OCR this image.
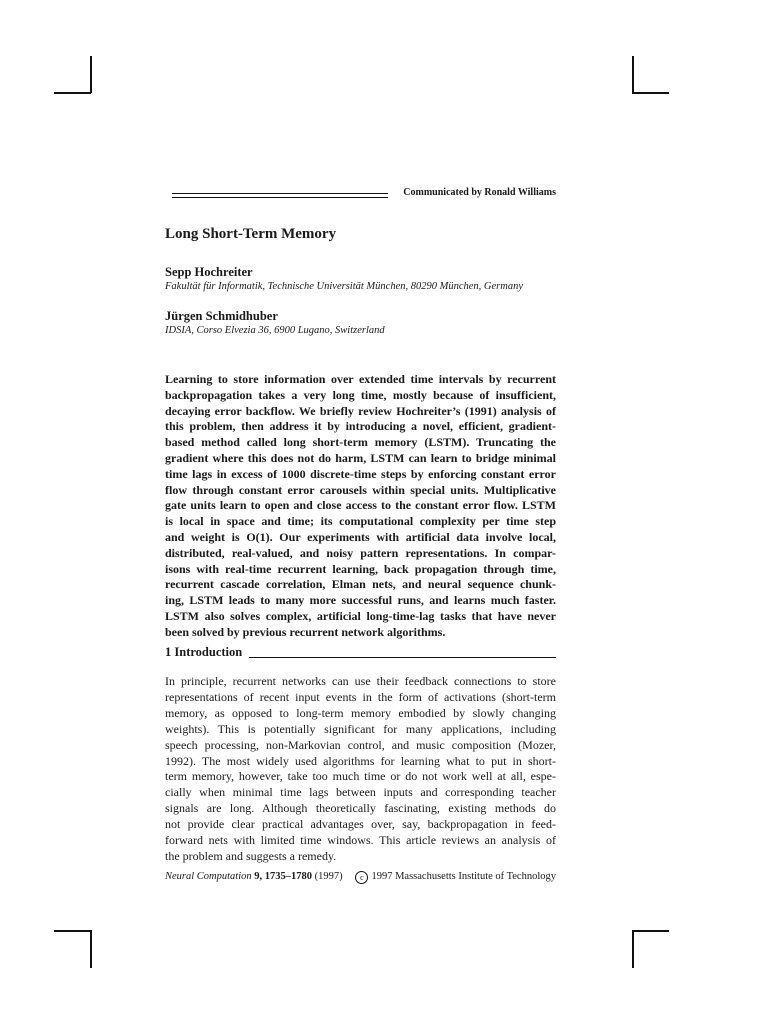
Communicated by Ronald Williams
Long Short-Term Memory
Sepp Hochreiter
Fakultät für Informatik, Technische Universität München, 80290 München, Germany
Jürgen Schmidhuber
IDSIA, Corso Elvezia 36, 6900 Lugano, Switzerland
Learning to store information over extended time intervals by recurrent
backpropagation takes a very long time, mostly because of insufficient,
decaying error backflow. We briefly review Hochreiter’s (1991) analysis of
this problem, then address it by introducing a novel, efficient, gradient-
based method called long short-term memory (LSTM). Truncating the
gradient where this does not do harm, LSTM can learn to bridge minimal
time lags in excess of 1000 discrete-time steps by enforcing constant error
flow through constant error carousels within special units. Multiplicative
gate units learn to open and close access to the constant error flow. LSTM
is local in space and time; its computational complexity per time step
and weight is O(1). Our experiments with artificial data involve local,
distributed, real-valued, and noisy pattern representations. In compar-
isons with real-time recurrent learning, back propagation through time,
recurrent cascade correlation, Elman nets, and neural sequence chunk-
ing, LSTM leads to many more successful runs, and learns much faster.
LSTM also solves complex, artificial long-time-lag tasks that have never
been solved by previous recurrent network algorithms.
1 Introduction
In principle, recurrent networks can use their feedback connections to store
representations of recent input events in the form of activations (short-term
memory, as opposed to long-term memory embodied by slowly changing
weights). This is potentially significant for many applications, including
speech processing, non-Markovian control, and music composition (Mozer,
1992). The most widely used algorithms for learning what to put in short-
term memory, however, take too much time or do not work well at all, espe-
cially when minimal time lags between inputs and corresponding teacher
signals are long. Although theoretically fascinating, existing methods do
not provide clear practical advantages over, say, backpropagation in feed-
forward nets with limited time windows. This article reviews an analysis of
the problem and suggests a remedy.
Neural Computation 9, 1735–1780 (1997)	c 1997 Massachusetts Institute of Technology
